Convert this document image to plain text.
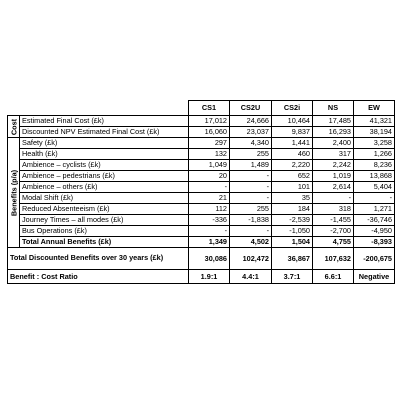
		CS1	CS2U	CS2i	NS	EW

Cost	Estimated Final Cost (£k)	17,012	24,666	10,464	17,485	41,321
	Discounted NPV Estimated Final Cost (£k)	16,060	23,037	9,837	16,293	38,194

Benefits (p/a)	Safety (£k)	297	4,340	1,441	2,400	3,258
	Health (£k)	132	255	460	317	1,266
	Ambience – cyclists (£k)	1,049	1,489	2,220	2,242	8,236
	Ambience – pedestrians (£k)	20	-	652	1,019	13,868
	Ambience – others (£k)	-	-	101	2,614	5,404
	Modal Shift (£k)	21	-	35	-	-
	Reduced Absenteeism (£k)	112	255	184	318	1,271
	Journey Times – all modes (£k)	-336	-1,838	-2,539	-1,455	-36,746
	Bus Operations (£k)	-	-	-1,050	-2,700	-4,950
	Total Annual Benefits (£k)	1,349	4,502	1,504	4,755	-8,393
Total Discounted Benefits over 30 years (£k)		30,086	102,472	36,867	107,632	-200,675
Benefit : Cost Ratio		1.9:1	4.4:1	3.7:1	6.6:1	Negative
